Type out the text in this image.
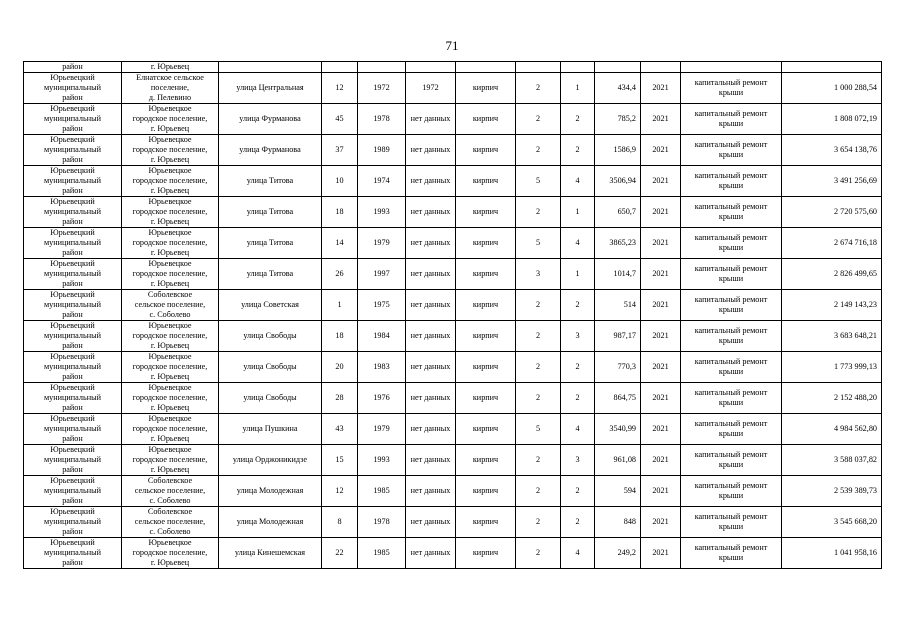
71
район	г. Юрьевец											
Юрьевецкий
муниципальный
район	Елнатское сельское
поселение,
д. Пелевино	улица Центральная	12	1972	1972	кирпич	2	1	434,4	2021	капитальный ремонт
крыши	1 000 288,54
Юрьевецкий
муниципальный
район	Юрьевецкое
городское поселение,
г. Юрьевец	улица Фурманова	45	1978	нет данных	кирпич	2	2	785,2	2021	капитальный ремонт
крыши	1 808 072,19
Юрьевецкий
муниципальный
район	Юрьевецкое
городское поселение,
г. Юрьевец	улица Фурманова	37	1989	нет данных	кирпич	2	2	1586,9	2021	капитальный ремонт
крыши	3 654 138,76
Юрьевецкий
муниципальный
район	Юрьевецкое
городское поселение,
г. Юрьевец	улица Титова	10	1974	нет данных	кирпич	5	4	3506,94	2021	капитальный ремонт
крыши	3 491 256,69
Юрьевецкий
муниципальный
район	Юрьевецкое
городское поселение,
г. Юрьевец	улица Титова	18	1993	нет данных	кирпич	2	1	650,7	2021	капитальный ремонт
крыши	2 720 575,60
Юрьевецкий
муниципальный
район	Юрьевецкое
городское поселение,
г. Юрьевец	улица Титова	14	1979	нет данных	кирпич	5	4	3865,23	2021	капитальный ремонт
крыши	2 674 716,18
Юрьевецкий
муниципальный
район	Юрьевецкое
городское поселение,
г. Юрьевец	улица Титова	26	1997	нет данных	кирпич	3	1	1014,7	2021	капитальный ремонт
крыши	2 826 499,65
Юрьевецкий
муниципальный
район	Соболевское
сельское поселение,
с. Соболево	улица Советская	1	1975	нет данных	кирпич	2	2	514	2021	капитальный ремонт
крыши	2 149 143,23
Юрьевецкий
муниципальный
район	Юрьевецкое
городское поселение,
г. Юрьевец	улица Свободы	18	1984	нет данных	кирпич	2	3	987,17	2021	капитальный ремонт
крыши	3 683 648,21
Юрьевецкий
муниципальный
район	Юрьевецкое
городское поселение,
г. Юрьевец	улица Свободы	20	1983	нет данных	кирпич	2	2	770,3	2021	капитальный ремонт
крыши	1 773 999,13
Юрьевецкий
муниципальный
район	Юрьевецкое
городское поселение,
г. Юрьевец	улица Свободы	28	1976	нет данных	кирпич	2	2	864,75	2021	капитальный ремонт
крыши	2 152 488,20
Юрьевецкий
муниципальный
район	Юрьевецкое
городское поселение,
г. Юрьевец	улица Пушкина	43	1979	нет данных	кирпич	5	4	3540,99	2021	капитальный ремонт
крыши	4 984 562,80
Юрьевецкий
муниципальный
район	Юрьевецкое
городское поселение,
г. Юрьевец	улица Орджоникидзе	15	1993	нет данных	кирпич	2	3	961,08	2021	капитальный ремонт
крыши	3 588 037,82
Юрьевецкий
муниципальный
район	Соболевское
сельское поселение,
с. Соболево	улица Молодежная	12	1985	нет данных	кирпич	2	2	594	2021	капитальный ремонт
крыши	2 539 389,73
Юрьевецкий
муниципальный
район	Соболевское
сельское поселение,
с. Соболево	улица Молодежная	8	1978	нет данных	кирпич	2	2	848	2021	капитальный ремонт
крыши	3 545 668,20
Юрьевецкий
муниципальный
район	Юрьевецкое
городское поселение,
г. Юрьевец	улица Кинешемская	22	1985	нет данных	кирпич	2	4	249,2	2021	капитальный ремонт
крыши	1 041 958,16
